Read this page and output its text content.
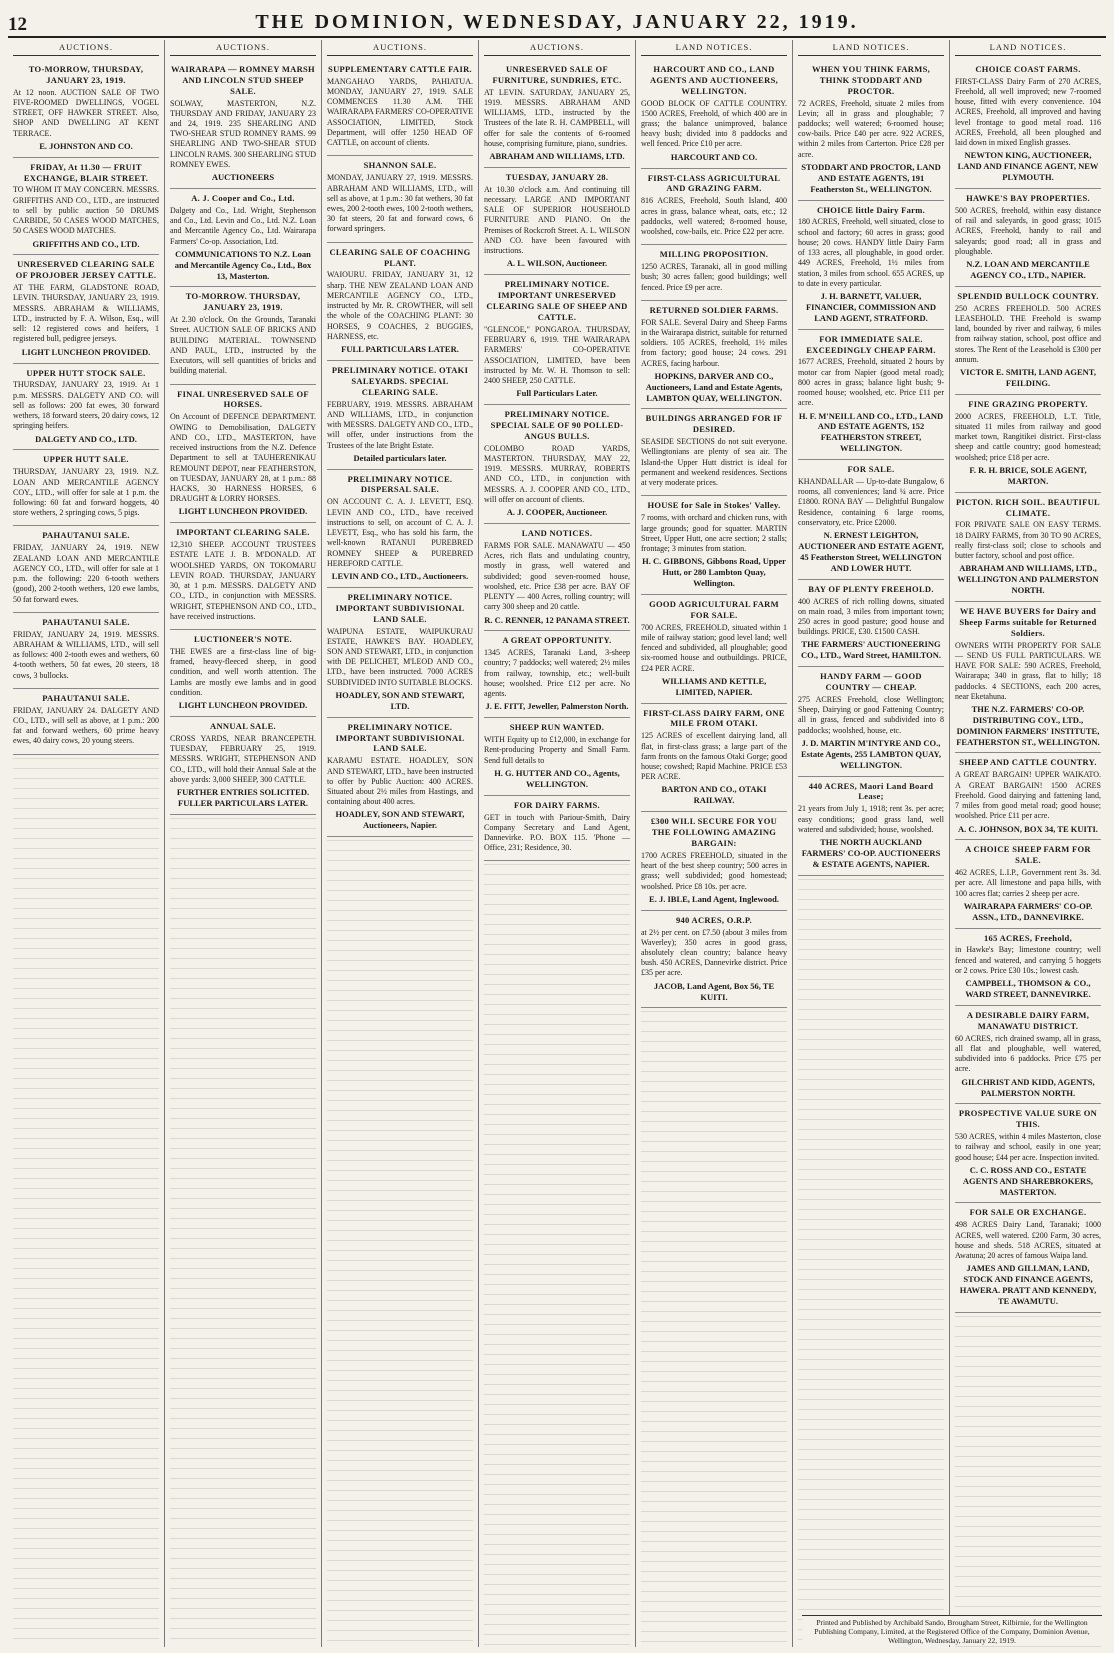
12	THE DOMINION, WEDNESDAY, JANUARY 22, 1919.
AUCTIONS.
TO-MORROW, THURSDAY, JANUARY 23, 1919.

At 12 noon. AUCTION SALE OF TWO FIVE-ROOMED DWELLINGS, VOGEL STREET, OFF HAWKER STREET. Also, SHOP AND DWELLING AT KENT TERRACE.

E. JOHNSTON AND CO.
FRIDAY, At 11.30 — FRUIT EXCHANGE, BLAIR STREET.

TO WHOM IT MAY CONCERN. MESSRS. GRIFFITHS AND CO., LTD., are instructed to sell by public auction 50 DRUMS CARBIDE, 50 CASES WOOD MATCHES, 50 CASES WOOD MATCHES.

GRIFFITHS AND CO., LTD.
UNRESERVED CLEARING SALE OF PROJOBER JERSEY CATTLE.

AT THE FARM, GLADSTONE ROAD, LEVIN. THURSDAY, JANUARY 23, 1919. MESSRS. ABRAHAM & WILLIAMS, LTD., instructed by F. A. Wilson, Esq., will sell: 12 registered cows and heifers, 1 registered bull, pedigree jerseys.

LIGHT LUNCHEON PROVIDED.
UPPER HUTT STOCK SALE.

THURSDAY, JANUARY 23, 1919. At 1 p.m. MESSRS. DALGETY AND CO. will sell as follows: 200 fat ewes, 30 forward wethers, 18 forward steers, 20 dairy cows, 12 springing heifers.

DALGETY AND CO., LTD.
UPPER HUTT SALE.

THURSDAY, JANUARY 23, 1919. N.Z. LOAN AND MERCANTILE AGENCY COY., LTD., will offer for sale at 1 p.m. the following: 60 fat and forward hoggets, 40 store wethers, 2 springing cows, 5 pigs.

PAHAUTANUI SALE.

FRIDAY, JANUARY 24, 1919. NEW ZEALAND LOAN AND MERCANTILE AGENCY CO., LTD., will offer for sale at 1 p.m. the following: 220 6-tooth wethers (good), 200 2-tooth wethers, 120 ewe lambs, 50 fat forward ewes.

PAHAUTANUI SALE.

FRIDAY, JANUARY 24, 1919. MESSRS. ABRAHAM & WILLIAMS, LTD., will sell as follows: 400 2-tooth ewes and wethers, 60 4-tooth wethers, 50 fat ewes, 20 steers, 18 cows, 3 bullocks.

PAHAUTANUI SALE.

FRIDAY, JANUARY 24. DALGETY AND CO., LTD., will sell as above, at 1 p.m.: 200 fat and forward wethers, 60 prime heavy ewes, 40 dairy cows, 20 young steers.

AUCTIONS.
WAIRARAPA — ROMNEY MARSH AND LINCOLN STUD SHEEP SALE.

SOLWAY, MASTERTON, N.Z. THURSDAY AND FRIDAY, JANUARY 23 and 24, 1919. 235 SHEARLING AND TWO-SHEAR STUD ROMNEY RAMS. 99 SHEARLING AND TWO-SHEAR STUD LINCOLN RAMS. 300 SHEARLING STUD ROMNEY EWES.

AUCTIONEERS
A. J. Cooper and Co., Ltd.

Dalgety and Co., Ltd. Wright, Stephenson and Co., Ltd. Levin and Co., Ltd. N.Z. Loan and Mercantile Agency Co., Ltd. Wairarapa Farmers' Co-op. Association, Ltd.

COMMUNICATIONS TO N.Z. Loan and Mercantile Agency Co., Ltd., Box 13, Masterton.
TO-MORROW. THURSDAY, JANUARY 23, 1919.

At 2.30 o'clock. On the Grounds, Taranaki Street. AUCTION SALE OF BRICKS AND BUILDING MATERIAL. TOWNSEND AND PAUL, LTD., instructed by the Executors, will sell quantities of bricks and building material.

FINAL UNRESERVED SALE OF HORSES.

On Account of DEFENCE DEPARTMENT. OWING to Demobilisation, DALGETY AND CO., LTD., MASTERTON, have received instructions from the N.Z. Defence Department to sell at TAUHERENIKAU REMOUNT DEPOT, near FEATHERSTON, on TUESDAY, JANUARY 28, at 1 p.m.: 88 HACKS, 30 HARNESS HORSES, 6 DRAUGHT & LORRY HORSES.

LIGHT LUNCHEON PROVIDED.
IMPORTANT CLEARING SALE.

12,310 SHEEP. ACCOUNT TRUSTEES ESTATE LATE J. B. M'DONALD. AT WOOLSHED YARDS, ON TOKOMARU LEVIN ROAD. THURSDAY, JANUARY 30, at 1 p.m. MESSRS. DALGETY AND CO., LTD., in conjunction with MESSRS. WRIGHT, STEPHENSON AND CO., LTD., have received instructions.

LUCTIONEER'S NOTE.

THE EWES are a first-class line of big-framed, heavy-fleeced sheep, in good condition, and well worth attention. The Lambs are mostly ewe lambs and in good condition.

LIGHT LUNCHEON PROVIDED.
ANNUAL SALE.

CROSS YARDS, NEAR BRANCEPETH. TUESDAY, FEBRUARY 25, 1919. MESSRS. WRIGHT, STEPHENSON AND CO., LTD., will hold their Annual Sale at the above yards: 3,000 SHEEP, 300 CATTLE.

FURTHER ENTRIES SOLICITED. FULLER PARTICULARS LATER.
AUCTIONS.
SUPPLEMENTARY CATTLE FAIR.

MANGAHAO YARDS, PAHIATUA. MONDAY, JANUARY 27, 1919. SALE COMMENCES 11.30 A.M. THE WAIRARAPA FARMERS' CO-OPERATIVE ASSOCIATION, LIMITED, Stock Department, will offer 1250 HEAD OF CATTLE, on account of clients.

SHANNON SALE.

MONDAY, JANUARY 27, 1919. MESSRS. ABRAHAM AND WILLIAMS, LTD., will sell as above, at 1 p.m.: 30 fat wethers, 30 fat ewes, 200 2-tooth ewes, 100 2-tooth wethers, 30 fat steers, 20 fat and forward cows, 6 forward springers.

CLEARING SALE OF COACHING PLANT.

WAIOURU. FRIDAY, JANUARY 31, 12 sharp. THE NEW ZEALAND LOAN AND MERCANTILE AGENCY CO., LTD., instructed by Mr. R. CROWTHER, will sell the whole of the COACHING PLANT: 30 HORSES, 9 COACHES, 2 BUGGIES, HARNESS, etc.

FULL PARTICULARS LATER.
PRELIMINARY NOTICE. OTAKI SALEYARDS. SPECIAL CLEARING SALE.

FEBRUARY, 1919. MESSRS. ABRAHAM AND WILLIAMS, LTD., in conjunction with MESSRS. DALGETY AND CO., LTD., will offer, under instructions from the Trustees of the late Bright Estate.

Detailed particulars later.
PRELIMINARY NOTICE. DISPERSAL SALE.

ON ACCOUNT C. A. J. LEVETT, ESQ. LEVIN AND CO., LTD., have received instructions to sell, on account of C. A. J. LEVETT, Esq., who has sold his farm, the well-known RATANUI PUREBRED ROMNEY SHEEP & PUREBRED HEREFORD CATTLE.

LEVIN AND CO., LTD., Auctioneers.
PRELIMINARY NOTICE. IMPORTANT SUBDIVISIONAL LAND SALE.

WAIPUNA ESTATE, WAIPUKURAU ESTATE, HAWKE'S BAY. HOADLEY, SON AND STEWART, LTD., in conjunction with DE PELICHET, M'LEOD AND CO., LTD., have been instructed. 7000 ACRES SUBDIVIDED INTO SUITABLE BLOCKS.

HOADLEY, SON AND STEWART, LTD.
PRELIMINARY NOTICE. IMPORTANT SUBDIVISIONAL LAND SALE.

KARAMU ESTATE. HOADLEY, SON AND STEWART, LTD., have been instructed to offer by Public Auction: 400 ACRES. Situated about 2½ miles from Hastings, and containing about 400 acres.

HOADLEY, SON AND STEWART, Auctioneers, Napier.
AUCTIONS.
UNRESERVED SALE OF FURNITURE, SUNDRIES, ETC.

AT LEVIN. SATURDAY, JANUARY 25, 1919. MESSRS. ABRAHAM AND WILLIAMS, LTD., instructed by the Trustees of the late R. H. CAMPBELL, will offer for sale the contents of 6-roomed house, comprising furniture, piano, sundries.

ABRAHAM AND WILLIAMS, LTD.
TUESDAY, JANUARY 28.

At 10.30 o'clock a.m. And continuing till necessary. LARGE AND IMPORTANT SALE OF SUPERIOR HOUSEHOLD FURNITURE AND PIANO. On the Premises of Rockcroft Street. A. L. WILSON AND CO. have been favoured with instructions.

A. L. WILSON, Auctioneer.
PRELIMINARY NOTICE. IMPORTANT UNRESERVED CLEARING SALE OF SHEEP AND CATTLE.

"GLENCOE," PONGAROA. THURSDAY, FEBRUARY 6, 1919. THE WAIRARAPA FARMERS' CO-OPERATIVE ASSOCIATION, LIMITED, have been instructed by Mr. W. H. Thomson to sell: 2400 SHEEP, 250 CATTLE.

Full Particulars Later.
PRELIMINARY NOTICE. SPECIAL SALE OF 90 POLLED-ANGUS BULLS.

COLOMBO ROAD YARDS, MASTERTON. THURSDAY, MAY 22, 1919. MESSRS. MURRAY, ROBERTS AND CO., LTD., in conjunction with MESSRS. A. J. COOPER AND CO., LTD., will offer on account of clients.

A. J. COOPER, Auctioneer.
LAND NOTICES.

FARMS FOR SALE. MANAWATU — 450 Acres, rich flats and undulating country, mostly in grass, well watered and subdivided; good seven-roomed house, woolshed, etc. Price £38 per acre. BAY OF PLENTY — 400 Acres, rolling country; will carry 300 sheep and 20 cattle.

R. C. RENNER, 12 PANAMA STREET.
A GREAT OPPORTUNITY.

1345 ACRES, Taranaki Land, 3-sheep country; 7 paddocks; well watered; 2½ miles from railway, township, etc.; well-built house; woolshed. Price £12 per acre. No agents.

J. E. FITT, Jeweller, Palmerston North.
SHEEP RUN WANTED.

WITH Equity up to £12,000, in exchange for Rent-producing Property and Small Farm. Send full details to

H. G. HUTTER AND CO., Agents, WELLINGTON.
FOR DAIRY FARMS.

GET in touch with Pariour-Smith, Dairy Company Secretary and Land Agent, Dannevirke. P.O. BOX 115. 'Phone — Office, 231; Residence, 30.

LAND NOTICES.
HARCOURT AND CO., LAND AGENTS AND AUCTIONEERS, WELLINGTON.

GOOD BLOCK OF CATTLE COUNTRY. 1500 ACRES, Freehold, of which 400 are in grass; the balance unimproved, balance heavy bush; divided into 8 paddocks and well fenced. Price £10 per acre.

HARCOURT AND CO.
FIRST-CLASS AGRICULTURAL AND GRAZING FARM.

816 ACRES, Freehold, South Island, 400 acres in grass, balance wheat, oats, etc.; 12 paddocks, well watered; 8-roomed house, woolshed, cow-bails, etc. Price £22 per acre.

MILLING PROPOSITION.

1250 ACRES, Taranaki, all in good milling bush; 30 acres fallen; good buildings; well fenced. Price £9 per acre.

RETURNED SOLDIER FARMS.

FOR SALE. Several Dairy and Sheep Farms in the Wairarapa district, suitable for returned soldiers. 105 ACRES, freehold, 1½ miles from factory; good house; 24 cows. 291 ACRES, facing harbour.

HOPKINS, DARVER AND CO., Auctioneers, Land and Estate Agents, LAMBTON QUAY, WELLINGTON.
BUILDINGS ARRANGED FOR IF DESIRED.

SEASIDE SECTIONS do not suit everyone. Wellingtonians are plenty of sea air. The Island-the Upper Hutt district is ideal for permanent and weekend residences. Sections at very moderate prices.

HOUSE for Sale in Stokes' Valley.

7 rooms, with orchard and chicken runs, with large grounds; good for squatter. MARTIN Street, Upper Hutt, one acre section; 2 stalls; frontage; 3 minutes from station.

H. C. GIBBONS, Gibbons Road, Upper Hutt, or 280 Lambton Quay, Wellington.
GOOD AGRICULTURAL FARM FOR SALE.

700 ACRES, FREEHOLD, situated within 1 mile of railway station; good level land; well fenced and subdivided, all ploughable; good six-roomed house and outbuildings. PRICE, £24 PER ACRE.

WILLIAMS AND KETTLE, LIMITED, NAPIER.
FIRST-CLASS DAIRY FARM, ONE MILE FROM OTAKI.

125 ACRES of excellent dairying land, all flat, in first-class grass; a large part of the farm fronts on the famous Otaki Gorge; good house; cowshed; Rapid Machine. PRICE £53 PER ACRE.

BARTON AND CO., OTAKI RAILWAY.
£300 WILL SECURE FOR YOU THE FOLLOWING AMAZING BARGAIN:

1700 ACRES FREEHOLD, situated in the heart of the best sheep country; 500 acres in grass; well subdivided; good homestead; woolshed. Price £8 10s. per acre.

E. J. IBLE, Land Agent, Inglewood.
940 ACRES, O.R.P.

at 2½ per cent. on £7.50 (about 3 miles from Waverley); 350 acres in good grass, absolutely clean country; balance heavy bush. 450 ACRES, Dannevirke district. Price £35 per acre.

JACOB, Land Agent, Box 56, TE KUITI.
LAND NOTICES.
WHEN YOU THINK FARMS, THINK STODDART AND PROCTOR.

72 ACRES, Freehold, situate 2 miles from Levin; all in grass and ploughable; 7 paddocks; well watered; 6-roomed house; cow-bails. Price £40 per acre. 922 ACRES, within 2 miles from Carterton. Price £28 per acre.

STODDART AND PROCTOR, LAND AND ESTATE AGENTS, 191 Featherston St., WELLINGTON.
CHOICE little Dairy Farm.

180 ACRES, Freehold, well situated, close to school and factory; 60 acres in grass; good house; 20 cows. HANDY little Dairy Farm of 133 acres, all ploughable, in good order. 449 ACRES, Freehold, 1½ miles from station, 3 miles from school. 655 ACRES, up to date in every particular.

J. H. BARNETT, VALUER, FINANCIER, COMMISSION AND LAND AGENT, STRATFORD.
FOR IMMEDIATE SALE. EXCEEDINGLY CHEAP FARM.

1677 ACRES, Freehold, situated 2 hours by motor car from Napier (good metal road); 800 acres in grass; balance light bush; 9-roomed house; woolshed, etc. Price £11 per acre.

H. F. M'NEILL AND CO., LTD., LAND AND ESTATE AGENTS, 152 FEATHERSTON STREET, WELLINGTON.
FOR SALE.

KHANDALLAR — Up-to-date Bungalow, 6 rooms, all conveniences; land ¼ acre. Price £1800. RONA BAY — Delightful Bungalow Residence, containing 6 large rooms, conservatory, etc. Price £2000.

N. ERNEST LEIGHTON, AUCTIONEER AND ESTATE AGENT, 45 Featherston Street, WELLINGTON AND LOWER HUTT.
BAY OF PLENTY FREEHOLD.

400 ACRES of rich rolling downs, situated on main road, 3 miles from important town; 250 acres in good pasture; good house and buildings. PRICE, £30. £1500 CASH.

THE FARMERS' AUCTIONEERING CO., LTD., Ward Street, HAMILTON.
HANDY FARM — GOOD COUNTRY — CHEAP.

275 ACRES Freehold, close Wellington; Sheep, Dairying or good Fattening Country; all in grass, fenced and subdivided into 8 paddocks; woolshed, house, etc.

J. D. MARTIN M'INTYRE AND CO., Estate Agents, 255 LAMBTON QUAY, WELLINGTON.
440 ACRES, Maori Land Board Lease;

21 years from July 1, 1918; rent 3s. per acre; easy conditions; good grass land, well watered and subdivided; house, woolshed.

THE NORTH AUCKLAND FARMERS' CO-OP. AUCTIONEERS & ESTATE AGENTS, NAPIER.
LAND NOTICES.
CHOICE COAST FARMS.

FIRST-CLASS Dairy Farm of 270 ACRES, Freehold, all well improved; new 7-roomed house, fitted with every convenience. 104 ACRES, Freehold, all improved and having level frontage to good metal road. 116 ACRES, Freehold, all been ploughed and laid down in mixed English grasses.

NEWTON KING, AUCTIONEER, LAND AND FINANCE AGENT, NEW PLYMOUTH.
HAWKE'S BAY PROPERTIES.

500 ACRES, freehold, within easy distance of rail and saleyards, in good grass; 1015 ACRES, Freehold, handy to rail and saleyards; good road; all in grass and ploughable.

N.Z. LOAN AND MERCANTILE AGENCY CO., LTD., NAPIER.
SPLENDID BULLOCK COUNTRY.

250 ACRES FREEHOLD. 500 ACRES LEASEHOLD. THE Freehold is swamp land, bounded by river and railway, 6 miles from railway station, school, post office and stores. The Rent of the Leasehold is £300 per annum.

VICTOR E. SMITH, LAND AGENT, FEILDING.
FINE GRAZING PROPERTY.

2000 ACRES, FREEHOLD, L.T. Title, situated 11 miles from railway and good market town, Rangitikei district. First-class sheep and cattle country; good homestead; woolshed; price £18 per acre.

F. R. H. BRICE, SOLE AGENT, MARTON.
PICTON. RICH SOIL. BEAUTIFUL CLIMATE.

FOR PRIVATE SALE ON EASY TERMS. 18 DAIRY FARMS, from 30 TO 90 ACRES, really first-class soil; close to schools and butter factory, school and post office.

ABRAHAM AND WILLIAMS, LTD., WELLINGTON AND PALMERSTON NORTH.
WE HAVE BUYERS for Dairy and Sheep Farms suitable for Returned Soldiers.

OWNERS WITH PROPERTY FOR SALE — SEND US FULL PARTICULARS. WE HAVE FOR SALE: 590 ACRES, Freehold, Wairarapa; 340 in grass, flat to hilly; 18 paddocks. 4 SECTIONS, each 200 acres, near Eketahuna.

THE N.Z. FARMERS' CO-OP. DISTRIBUTING COY., LTD., DOMINION FARMERS' INSTITUTE, FEATHERSTON ST., WELLINGTON.
SHEEP AND CATTLE COUNTRY.

A GREAT BARGAIN! UPPER WAIKATO. A GREAT BARGAIN! 1500 ACRES Freehold. Good dairying and fattening land, 7 miles from good metal road; good house; woolshed. Price £11 per acre.

A. C. JOHNSON, BOX 34, TE KUITI.
A CHOICE SHEEP FARM FOR SALE.

462 ACRES, L.I.P., Government rent 3s. 3d. per acre. All limestone and papa hills, with 100 acres flat; carries 2 sheep per acre.

WAIRARAPA FARMERS' CO-OP. ASSN., LTD., DANNEVIRKE.
165 ACRES, Freehold,

in Hawke's Bay; limestone country; well fenced and watered, and carrying 5 hoggets or 2 cows. Price £30 10s.; lowest cash.

CAMPBELL, THOMSON & CO., WARD STREET, DANNEVIRKE.
A DESIRABLE DAIRY FARM, MANAWATU DISTRICT.

60 ACRES, rich drained swamp, all in grass, all flat and ploughable, well watered, subdivided into 6 paddocks. Price £75 per acre.

GILCHRIST AND KIDD, AGENTS, PALMERSTON NORTH.
PROSPECTIVE VALUE SURE ON THIS.

530 ACRES, within 4 miles Masterton, close to railway and school, easily in one year; good house; £44 per acre. Inspection invited.

C. C. ROSS AND CO., ESTATE AGENTS AND SHAREBROKERS, MASTERTON.
FOR SALE OR EXCHANGE.

498 ACRES Dairy Land, Taranaki; 1000 ACRES, well watered. £200 Farm, 30 acres, house and sheds. 518 ACRES, situated at Awatuna; 20 acres of famous Waipa land.

JAMES AND GILLMAN, LAND, STOCK AND FINANCE AGENTS, HAWERA. PRATT AND KENNEDY, TE AWAMUTU.
Printed and Published by Archibald Sando, Brougham Street, Kilbirnie, for the Wellington Publishing Company, Limited, at the Registered Office of the Company, Dominion Avenue, Wellington, Wednesday, January 22, 1919.
